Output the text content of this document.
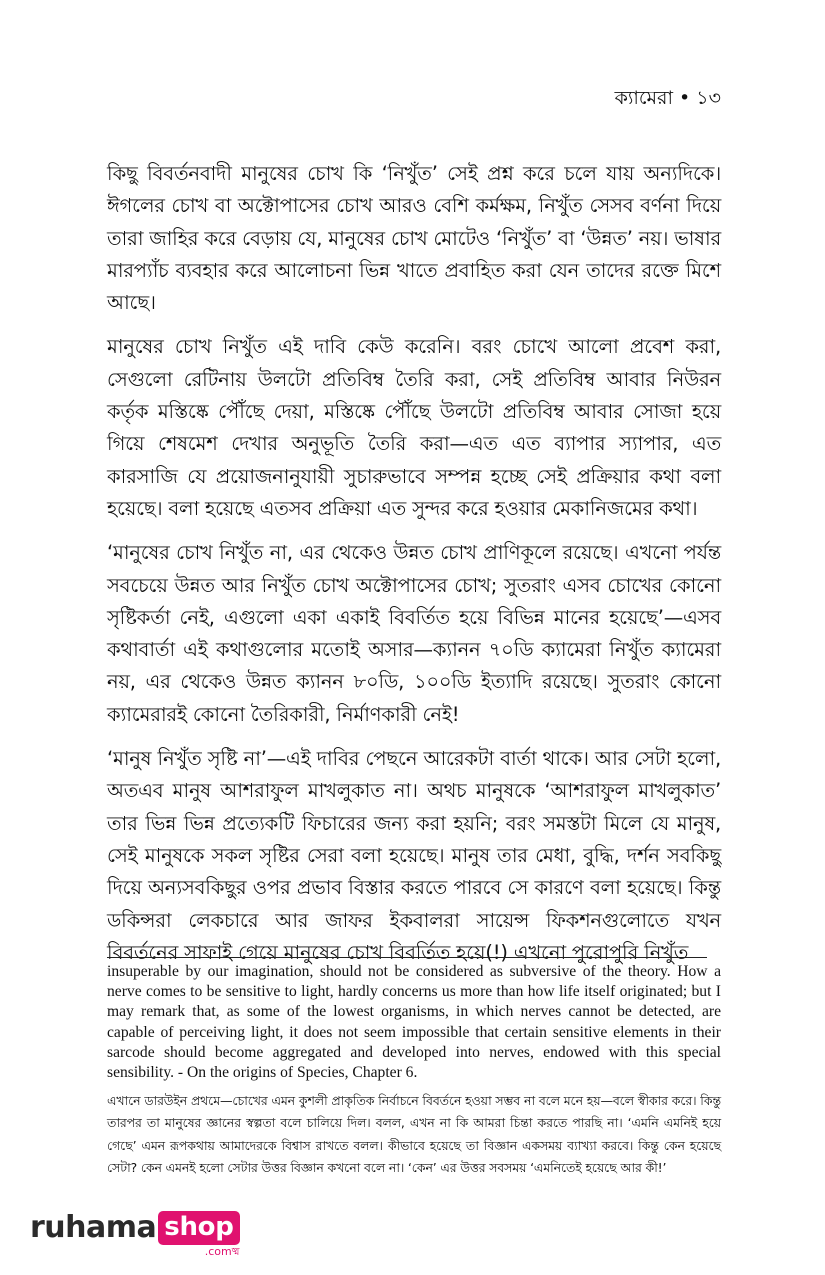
ক্যামেরা • ১৩

কিছু বিবর্তনবাদী মানুষের চোখ কি ‘নিখুঁত’ সেই প্রশ্ন করে চলে যায় অন্যদিকে। ঈগলের চোখ বা অক্টোপাসের চোখ আরও বেশি কর্মক্ষম, নিখুঁত সেসব বর্ণনা দিয়ে তারা জাহির করে বেড়ায় যে, মানুষের চোখ মোটেও ‘নিখুঁত’ বা ‘উন্নত’ নয়। ভাষার মারপ্যাঁচ ব্যবহার করে আলোচনা ভিন্ন খাতে প্রবাহিত করা যেন তাদের রক্তে মিশে আছে।

মানুষের চোখ নিখুঁত এই দাবি কেউ করেনি। বরং চোখে আলো প্রবেশ করা, সেগুলো রেটিনায় উলটো প্রতিবিম্ব তৈরি করা, সেই প্রতিবিম্ব আবার নিউরন কর্তৃক মস্তিষ্কে পৌঁছে দেয়া, মস্তিষ্কে পৌঁছে উলটো প্রতিবিম্ব আবার সোজা হয়ে গিয়ে শেষমেশ দেখার অনুভূতি তৈরি করা—এত এত ব্যাপার স্যাপার, এত কারসাজি যে প্রয়োজনানুযায়ী সুচারুভাবে সম্পন্ন হচ্ছে সেই প্রক্রিয়ার কথা বলা হয়েছে। বলা হয়েছে এতসব প্রক্রিয়া এত সুন্দর করে হওয়ার মেকানিজমের কথা।

‘মানুষের চোখ নিখুঁত না, এর থেকেও উন্নত চোখ প্রাণিকূলে রয়েছে। এখনো পর্যন্ত সবচেয়ে উন্নত আর নিখুঁত চোখ অক্টোপাসের চোখ; সুতরাং এসব চোখের কোনো সৃষ্টিকর্তা নেই, এগুলো একা একাই বিবর্তিত হয়ে বিভিন্ন মানের হয়েছে’—এসব কথাবার্তা এই কথাগুলোর মতোই অসার—ক্যানন ৭০ডি ক্যামেরা নিখুঁত ক্যামেরা নয়, এর থেকেও উন্নত ক্যানন ৮০ডি, ১০০ডি ইত্যাদি রয়েছে। সুতরাং কোনো ক্যামেরারই কোনো তৈরিকারী, নির্মাণকারী নেই!

‘মানুষ নিখুঁত সৃষ্টি না’—এই দাবির পেছনে আরেকটা বার্তা থাকে। আর সেটা হলো, অতএব মানুষ আশরাফুল মাখলুকাত না। অথচ মানুষকে ‘আশরাফুল মাখলুকাত’ তার ভিন্ন ভিন্ন প্রত্যেকটি ফিচারের জন্য করা হয়নি; বরং সমস্তটা মিলে যে মানুষ, সেই মানুষকে সকল সৃষ্টির সেরা বলা হয়েছে। মানুষ তার মেধা, বুদ্ধি, দর্শন সবকিছু দিয়ে অন্যসবকিছুর ওপর প্রভাব বিস্তার করতে পারবে সে কারণে বলা হয়েছে। কিন্তু ডকিন্সরা লেকচারে আর জাফর ইকবালরা সায়েন্স ফিকশনগুলোতে যখন বিবর্তনের সাফাই গেয়ে মানুষের চোখ বিবর্তিত হয়ে(!) এখনো পুরোপুরি নিখুঁত

insuperable by our imagination, should not be considered as subversive of the theory. How a nerve comes to be sensitive to light, hardly concerns us more than how life itself originated; but I may remark that, as some of the lowest organisms, in which nerves cannot be detected, are capable of perceiving light, it does not seem impossible that certain sensitive elements in their sarcode should become aggregated and developed into nerves, endowed with this special sensibility. - On the origins of Species, Chapter 6.
এখানে ডারউইন প্রথমে—চোখের এমন কুশলী প্রাকৃতিক নির্বাচনে বিবর্তনে হওয়া সম্ভব না বলে মনে হয়—বলে স্বীকার করে। কিন্তু তারপর তা মানুষের জ্ঞানের স্বল্পতা বলে চালিয়ে দিল। বলল, এখন না কি আমরা চিন্তা করতে পারছি না। ‘এমনি এমনিই হয়ে গেছে’ এমন রূপকথায় আমাদেরকে বিশ্বাস রাখতে বলল। কীভাবে হয়েছে তা বিজ্ঞান একসময় ব্যাখ্যা করবে। কিন্তু কেন হয়েছে সেটা? কেন এমনই হলো সেটার উত্তর বিজ্ঞান কখনো বলে না। ‘কেন’ এর উত্তর সবসময় ‘এমনিতেই হয়েছে আর কী!’
ruhama shop
.comষ্ম
